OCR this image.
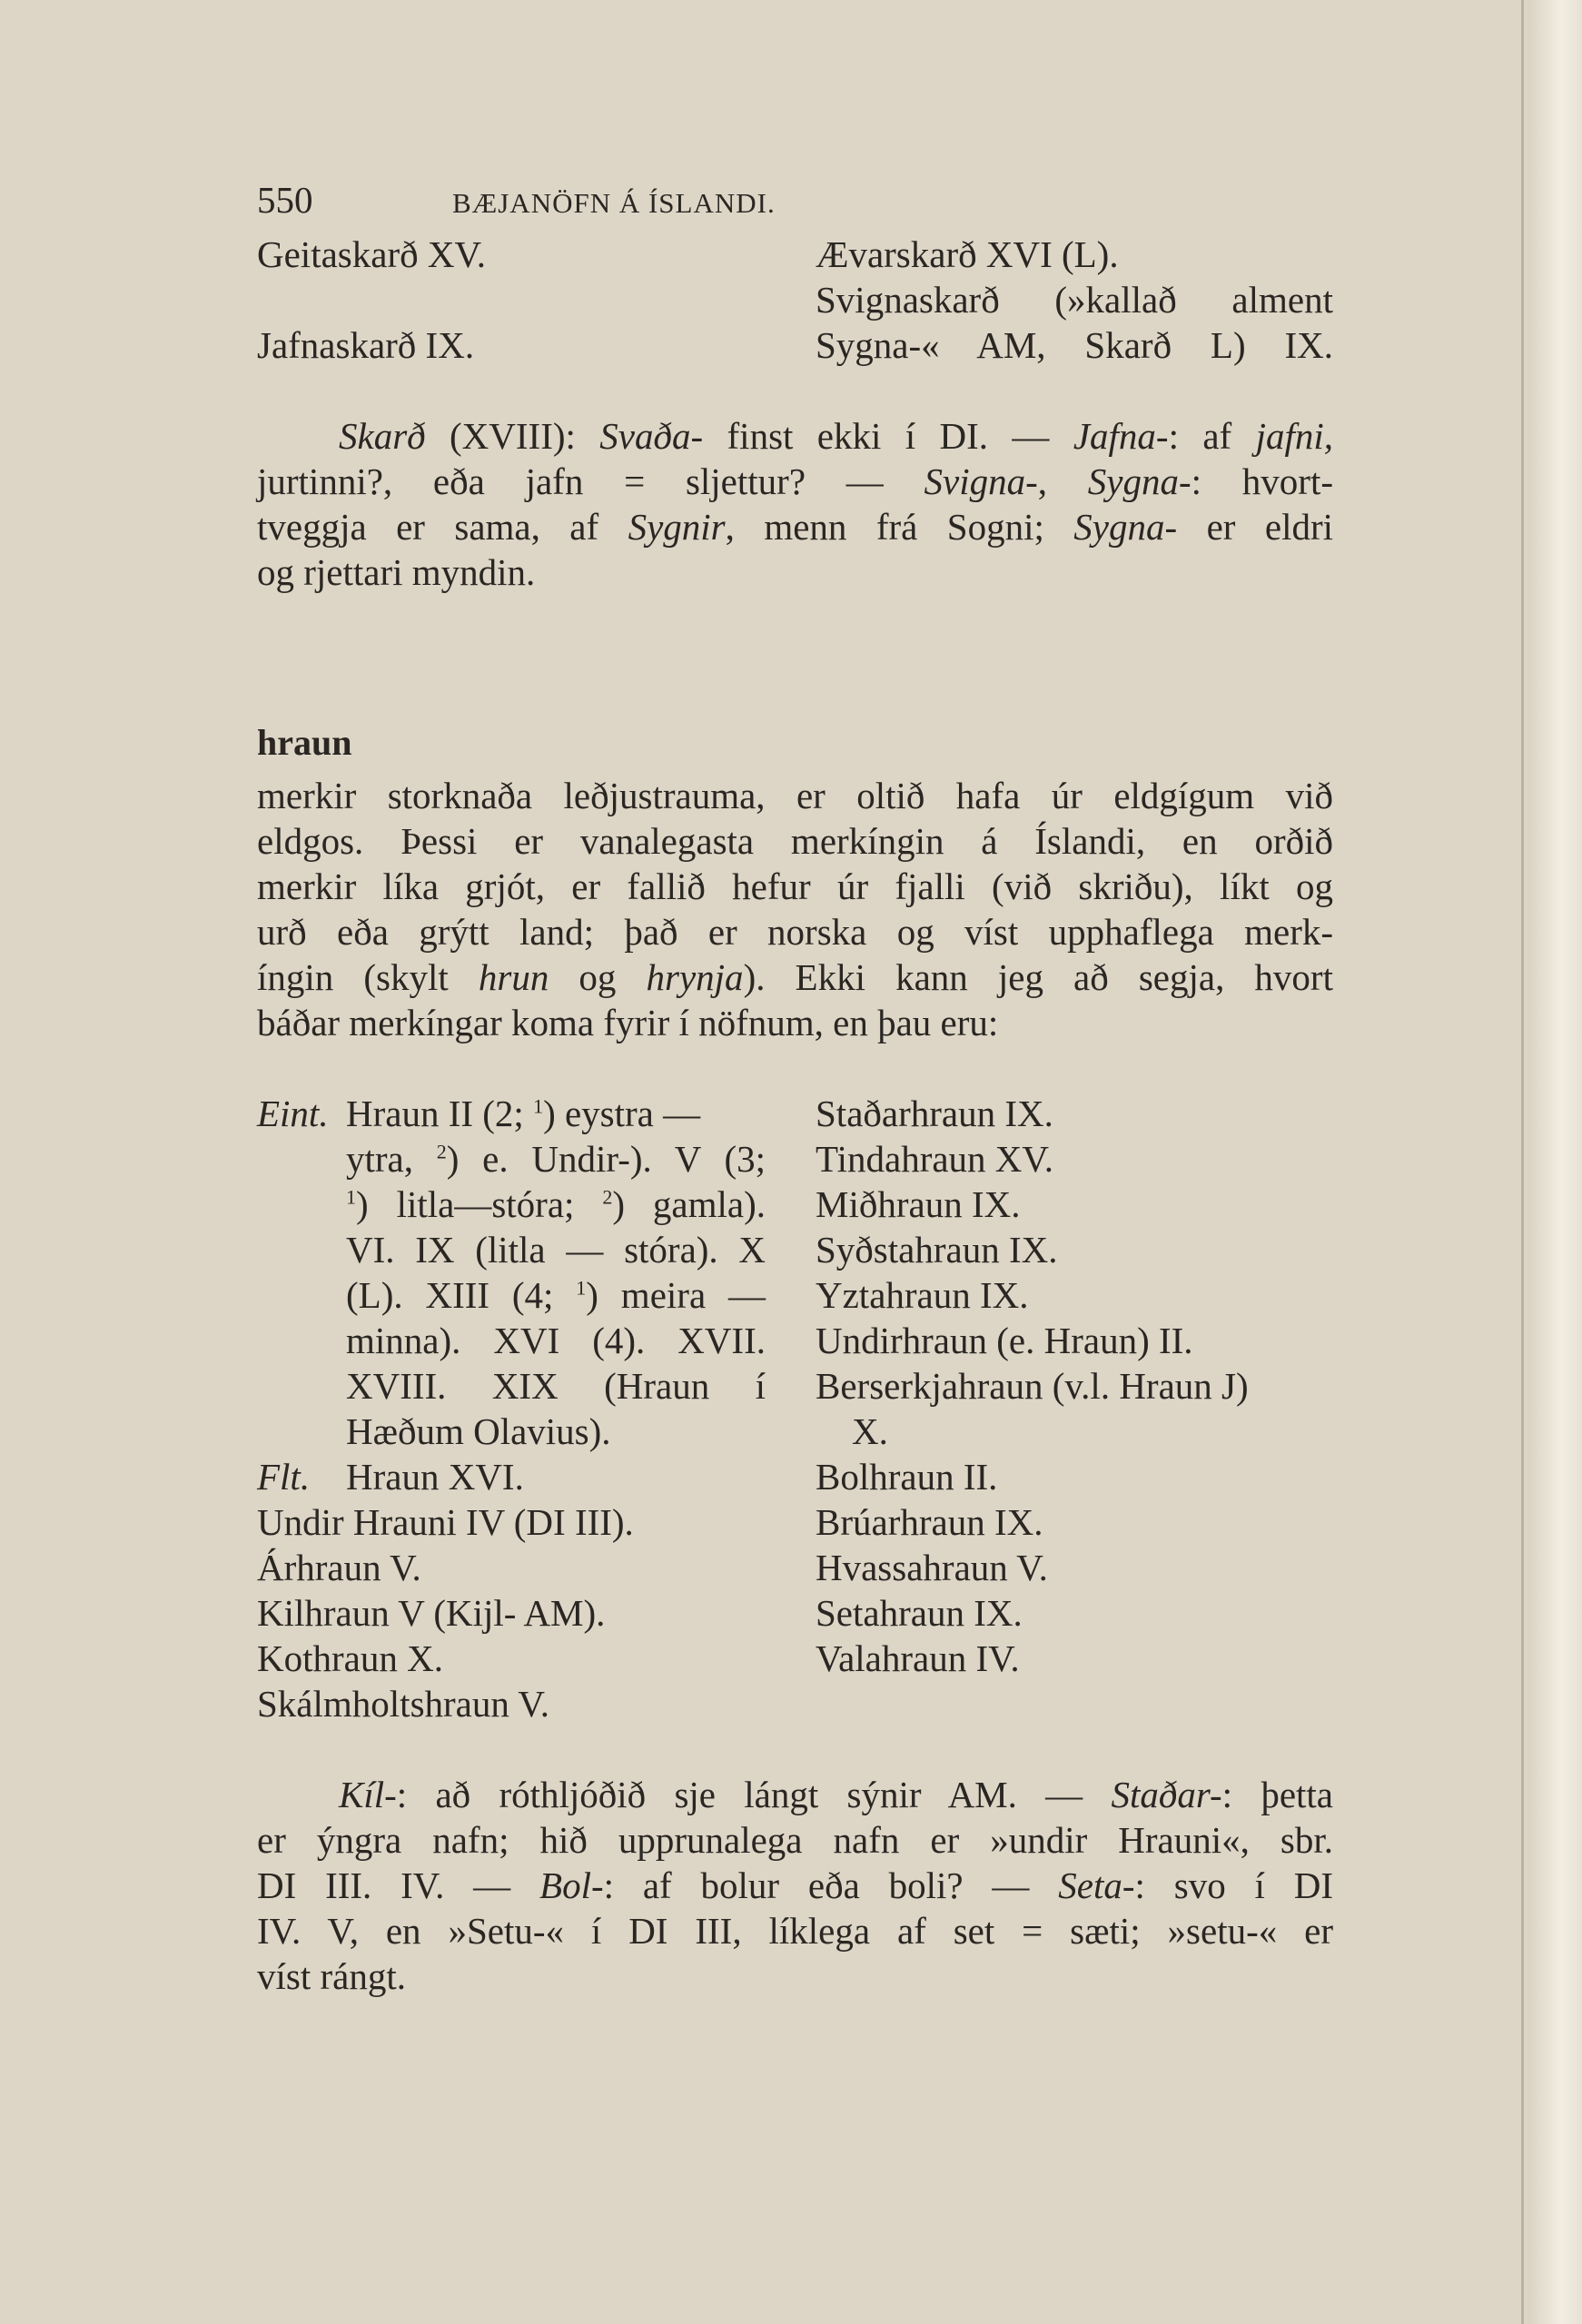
550	BÆJANÖFN Á ÍSLANDI.
Geitaskarð XV.
Jafnaskarð IX.
Ævarskarð XVI (L).
Svignaskarð (»kallað alment
Sygna-« AM, Skarð L) IX.
Skarð (XVIII): Svaða- finst ekki í DI. — Jafna-: af jafni,
jurtinni?, eða jafn = sljettur? — Svigna-, Sygna-: hvort-
tveggja er sama, af Sygnir, menn frá Sogni; Sygna- er eldri
og rjettari myndin.
hraun
merkir storknaða leðjustrauma, er oltið hafa úr eldgígum við
eldgos. Þessi er vanalegasta merkíngin á Íslandi, en orðið
merkir líka grjót, er fallið hefur úr fjalli (við skriðu), líkt og
urð eða grýtt land; það er norska og víst upphaflega merk-
íngin (skylt hrun og hrynja). Ekki kann jeg að segja, hvort
báðar merkíngar koma fyrir í nöfnum, en þau eru:
Eint. Hraun II (2; $^1$) eystra —
ytra, $^2$) e. Undir-). V (3;
$^1$) litla—stóra; $^2$) gamla).
VI. IX (litla — stóra). X
(L). XIII (4; $^1$) meira —
minna). XVI (4). XVII.
XVIII. XIX (Hraun í
Hæðum Olavius).
Flt. Hraun XVI.
Undir Hrauni IV (DI III).
Árhraun V.
Kilhraun V (Kijl- AM).
Kothraun X.
Skálmholtshraun V.
Staðarhraun IX.
Tindahraun XV.
Miðhraun IX.
Syðstahraun IX.
Yztahraun IX.
Undirhraun (e. Hraun) II.
Berserkjahraun (v.l. Hraun J)
X.
Bolhraun II.
Brúarhraun IX.
Hvassahraun V.
Setahraun IX.
Valahraun IV.
Kíl-: að róthljóðið sje lángt sýnir AM. — Staðar-: þetta
er ýngra nafn; hið upprunalega nafn er »undir Hrauni«, sbr.
DI III. IV. — Bol-: af bolur eða boli? — Seta-: svo í DI
IV. V, en »Setu-« í DI III, líklega af set = sæti; »setu-« er
víst rángt.
